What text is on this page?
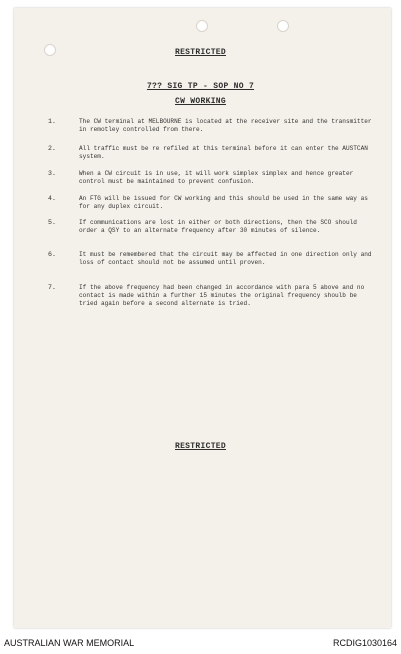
RESTRICTED
7?? SIG TP - SOP NO 7
CW WORKING
1.	The CW terminal at MELBOURNE is located at the receiver site and the transmitter in remotley controlled from there.
2.	All traffic must be re refiled at this terminal before it can enter the AUSTCAN system.
3.	When a CW circuit is in use, it will work simplex simplex and hence greater control must be maintained to prevent confusion.
4.	An FTG will be issued for CW working and this should be used in the same way as for any duplex circuit.
5.	If communications are lost in either or both directions, then the SCO should order a QSY to an alternate frequency after 30 minutes of silence.
6.	It must be remembered that the circuit may be affected in one direction only and loss of contact should not be assumed until proven.
7.	If the above frequency had been changed in accordance with para 5 above and no contact is made within a further 15 minutes the original frequency shoulb be tried again before a second alternate is tried.
RESTRICTED
AUSTRALIAN WAR MEMORIAL	RCDIG1030164
